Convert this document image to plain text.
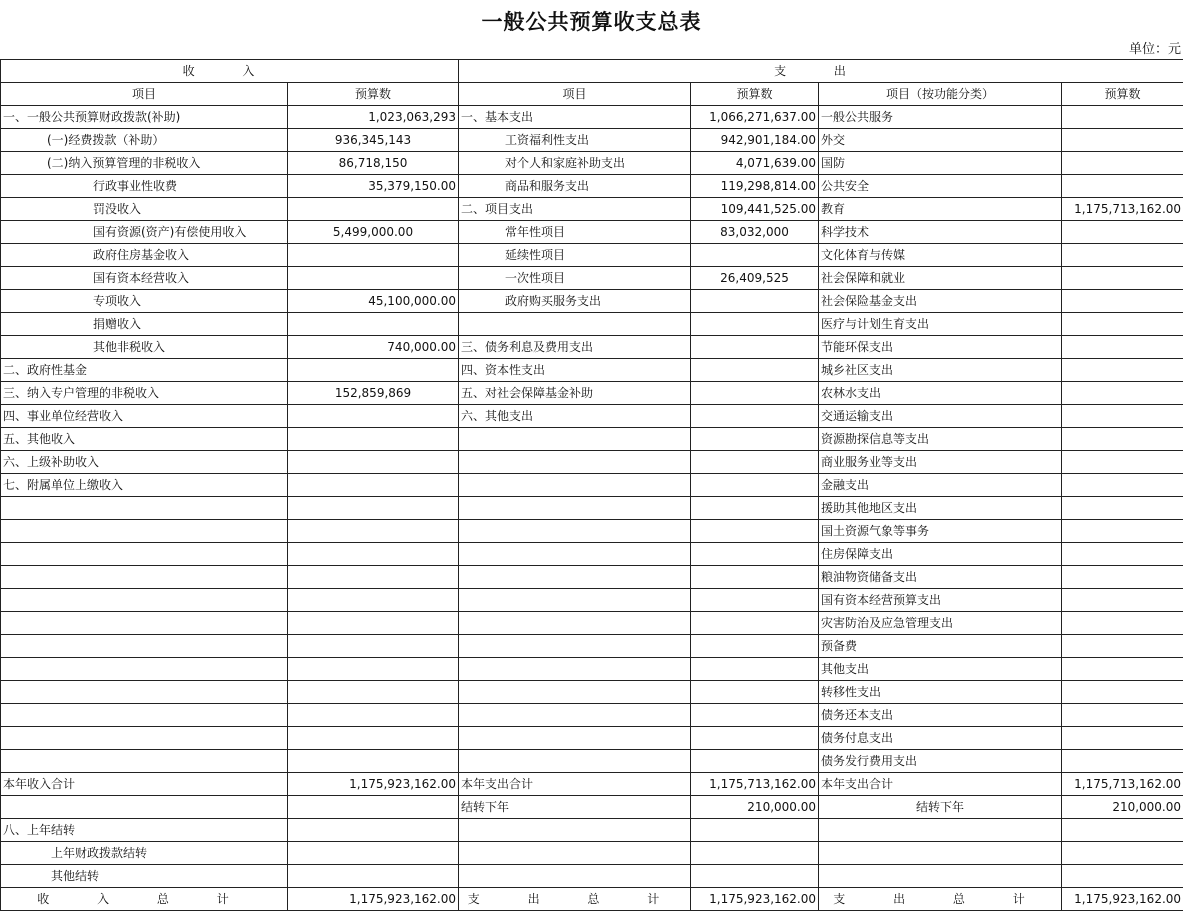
一般公共预算收支总表
单位：元
收 入		支 出			
项目	预算数	项目	预算数	项目（按功能分类）	预算数
一、一般公共预算财政拨款(补助)	1,023,063,293	一、基本支出	1,066,271,637.00	一般公共服务	
(一)经费拨款（补助）	936,345,143	工资福利性支出	942,901,184.00	外交	
(二)纳入预算管理的非税收入	86,718,150	对个人和家庭补助支出	4,071,639.00	国防	
行政事业性收费	35,379,150.00	商品和服务支出	119,298,814.00	公共安全	
罚没收入		二、项目支出	109,441,525.00	教育	1,175,713,162.00
国有资源(资产)有偿使用收入	5,499,000.00	常年性项目	83,032,000	科学技术	
政府住房基金收入		延续性项目		文化体育与传媒	
国有资本经营收入		一次性项目	26,409,525	社会保障和就业	
专项收入	45,100,000.00	政府购买服务支出		社会保险基金支出	
捐赠收入				医疗与计划生育支出	
其他非税收入	740,000.00	三、债务利息及费用支出		节能环保支出	
二、政府性基金		四、资本性支出		城乡社区支出	
三、纳入专户管理的非税收入	152,859,869	五、对社会保障基金补助		农林水支出	
四、事业单位经营收入		六、其他支出		交通运输支出	
五、其他收入				资源勘探信息等支出	
六、上级补助收入				商业服务业等支出	
七、附属单位上缴收入				金融支出	
				援助其他地区支出	
				国土资源气象等事务	
				住房保障支出	
				粮油物资储备支出	
				国有资本经营预算支出	
				灾害防治及应急管理支出	
				预备费	
				其他支出	
				转移性支出	
				债务还本支出	
				债务付息支出	
				债务发行费用支出	
本年收入合计	1,175,923,162.00	本年支出合计	1,175,713,162.00	本年支出合计	1,175,713,162.00
		结转下年	210,000.00	结转下年	210,000.00
八、上年结转					
上年财政拨款结转					
其他结转					
收 入 总 计	1,175,923,162.00	支 出 总 计	1,175,923,162.00	支 出 总 计	1,175,923,162.00
